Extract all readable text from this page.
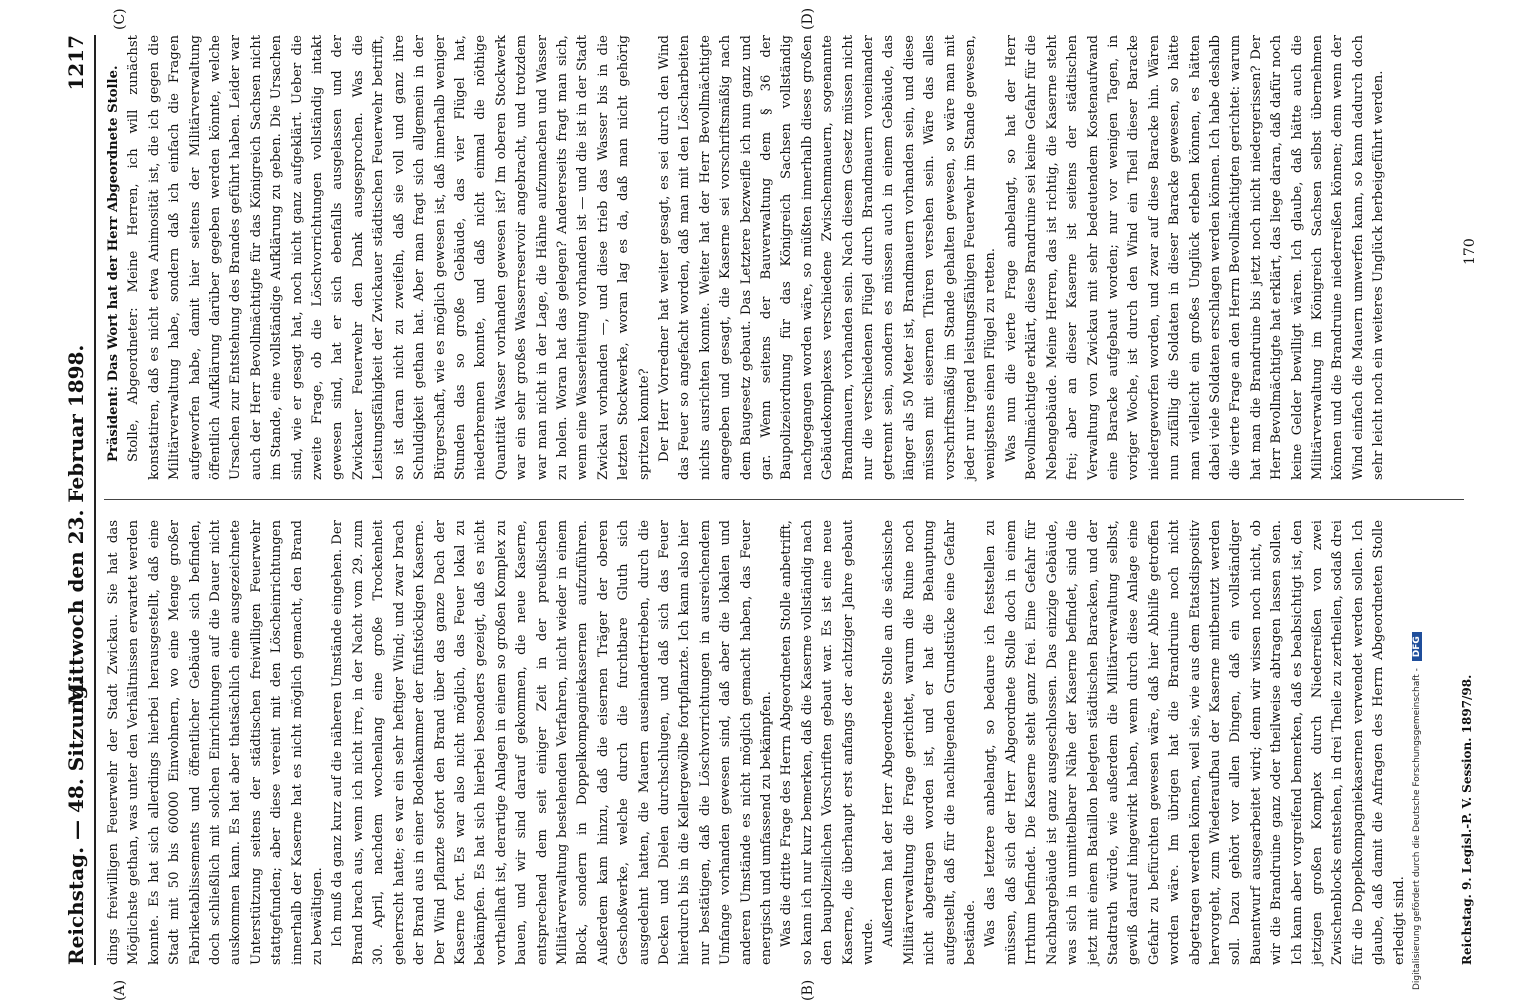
Reichstag. — 48. Sitzung.
Mittwoch den 23. Februar 1898.
1217
(A)	(B)
(C)	(D)

dings freiwilligen Feuerwehr der Stadt Zwickau. Sie hat das Möglichste gethan, was unter den Verhältnissen erwartet werden konnte. Es hat sich allerdings hierbei herausgestellt, daß eine Stadt mit 50 bis 60000 Einwohnern, wo eine Menge großer Fabriketablissements und öffentlicher Gebäude sich befinden, doch schließlich mit solchen Einrichtungen auf die Dauer nicht auskommen kann. Es hat aber thatsächlich eine ausgezeichnete Unterstützung seitens der städtischen freiwilligen Feuerwehr stattgefunden; aber diese vereint mit den Löscheinrichtungen innerhalb der Kaserne hat es nicht möglich gemacht, den Brand zu bewältigen. Ich muß da ganz kurz auf die näheren Umstände eingehen. Der Brand brach aus, wenn ich nicht irre, in der Nacht vom 29. zum 30. April, nachdem wochenlang eine große Trockenheit geherrscht hatte; es war ein sehr heftiger Wind; und zwar brach der Brand aus in einer Bodenkammer der fünfstöckigen Kaserne. Der Wind pflanzte sofort den Brand über das ganze Dach der Kaserne fort. Es war also nicht möglich, das Feuer lokal zu bekämpfen. Es hat sich hierbei besonders gezeigt, daß es nicht vortheilhaft ist, derartige Anlagen in einem so großen Komplex zu bauen, und wir sind darauf gekommen, die neue Kaserne, entsprechend dem seit einiger Zeit in der preußischen Militärverwaltung bestehenden Verfahren, nicht wieder in einem Block, sondern in Doppelkompagniekasernen aufzuführen. Außerdem kam hinzu, daß die eisernen Träger der oberen Geschoßwerke, welche durch die furchtbare Gluth sich ausgedehnt hatten, die Mauern auseinandertrieben, durch die Decken und Dielen durchschlugen, und daß sich das Feuer hierdurch bis in die Kellergewölbe fortpflanzte. Ich kann also hier nur bestätigen, daß die Löschvorrichtungen in ausreichendem Umfange vorhanden gewesen sind, daß aber die lokalen und anderen Umstände es nicht möglich gemacht haben, das Feuer energisch und umfassend zu bekämpfen. Was die dritte Frage des Herrn Abgeordneten Stolle anbetrifft, so kann ich nur kurz bemerken, daß die Kaserne vollständig nach den baupolizeilichen Vorschriften gebaut war. Es ist eine neue Kaserne, die überhaupt erst anfangs der achtziger Jahre gebaut wurde. Außerdem hat der Herr Abgeordnete Stolle an die sächsische Militärverwaltung die Frage gerichtet, warum die Ruine noch nicht abgetragen worden ist, und er hat die Behauptung aufgestellt, daß für die nachliegenden Grundstücke eine Gefahr bestände. Was das letztere anbelangt, so bedaure ich feststellen zu müssen, daß sich der Herr Abgeordnete Stolle doch in einem Irrthum befindet. Die Kaserne steht ganz frei. Eine Gefahr für Nachbargebäude ist ganz ausgeschlossen. Das einzige Gebäude, was sich in unmittelbarer Nähe der Kaserne befindet, sind die jetzt mit einem Bataillon belegten städtischen Baracken, und der Stadtrath würde, wie außerdem die Militärverwaltung selbst, gewiß darauf hingewirkt haben, wenn durch diese Anlage eine Gefahr zu befürchten gewesen wäre, daß hier Abhilfe getroffen worden wäre. Im übrigen hat die Brandruine noch nicht abgetragen werden können, weil sie, wie aus dem Etatsdispositiv hervorgeht, zum Wiederaufbau der Kaserne mitbenutzt werden soll. Dazu gehört vor allen Dingen, daß ein vollständiger Bauentwurf ausgearbeitet wird; denn wir wissen noch nicht, ob wir die Brandruine ganz oder theilweise abtragen lassen sollen. Ich kann aber vorgreifend bemerken, daß es beabsichtigt ist, den jetzigen großen Komplex durch Niederreißen von zwei Zwischenblocks entstehen, in drei Theile zu zertheilen, sodaß drei für die Doppelkompagniekasernen verwendet werden sollen. Ich glaube, daß damit die Anfragen des Herrn Abgeordneten Stolle erledigt sind.

Präsident: Das Wort hat der Herr Abgeordnete Stolle. Stolle, Abgeordneter: Meine Herren, ich will zunächst konstatiren, daß es nicht etwa Animosität ist, die ich gegen die Militärverwaltung habe, sondern daß ich einfach die Fragen aufgeworfen habe, damit hier seitens der Militärverwaltung öffentlich Aufklärung darüber gegeben werden könnte, welche Ursachen zur Entstehung des Brandes geführt haben. Leider war auch der Herr Bevollmächtigte für das Königreich Sachsen nicht im Stande, eine vollständige Aufklärung zu geben. Die Ursachen sind, wie er gesagt hat, noch nicht ganz aufgeklärt. Ueber die zweite Frage, ob die Löschvorrichtungen vollständig intakt gewesen sind, hat er sich ebenfalls ausgelassen und der Zwickauer Feuerwehr den Dank ausgesprochen. Was die Leistungsfähigkeit der Zwickauer städtischen Feuerwehr betrifft, so ist daran nicht zu zweifeln, daß sie voll und ganz ihre Schuldigkeit gethan hat. Aber man fragt sich allgemein in der Bürgerschaft, wie es möglich gewesen ist, daß innerhalb weniger Stunden das so große Gebäude, das vier Flügel hat, niederbrennen konnte, und daß nicht einmal die nöthige Quantität Wasser vorhanden gewesen ist? Im oberen Stockwerk war ein sehr großes Wasserreservoir angebracht, und trotzdem war man nicht in der Lage, die Hähne aufzumachen und Wasser zu holen. Woran hat das gelegen? Andererseits fragt man sich, wenn eine Wasserleitung vorhanden ist — und die ist in der Stadt Zwickau vorhanden —, und diese trieb das Wasser bis in die letzten Stockwerke, woran lag es da, daß man nicht gehörig spritzen konnte? Der Herr Vorredner hat weiter gesagt, es sei durch den Wind das Feuer so angefacht worden, daß man mit den Löscharbeiten nichts ausrichten konnte. Weiter hat der Herr Bevollmächtigte angegeben und gesagt, die Kaserne sei vorschriftsmäßig nach dem Baugesetz gebaut. Das Letztere bezweifle ich nun ganz und gar. Wenn seitens der Bauverwaltung dem § 36 der Baupolizeiordnung für das Königreich Sachsen vollständig nachgegangen worden wäre, so müßten innerhalb dieses großen Gebäudekomplexes verschiedene Zwischenmauern, sogenannte Brandmauern, vorhanden sein. Nach diesem Gesetz müssen nicht nur die verschiedenen Flügel durch Brandmauern voneinander getrennt sein, sondern es müssen auch in einem Gebäude, das länger als 50 Meter ist, Brandmauern vorhanden sein, und diese müssen mit eisernen Thüren versehen sein. Wäre das alles vorschriftsmäßig im Stande gehalten gewesen, so wäre man mit jeder nur irgend leistungsfähigen Feuerwehr im Stande gewesen, wenigstens einen Flügel zu retten. Was nun die vierte Frage anbelangt, so hat der Herr Bevollmächtigte erklärt, diese Brandruine sei keine Gefahr für die Nebengebäude. Meine Herren, das ist richtig, die Kaserne steht frei; aber an dieser Kaserne ist seitens der städtischen Verwaltung von Zwickau mit sehr bedeutendem Kostenaufwand eine Baracke aufgebaut worden; nur vor wenigen Tagen, in voriger Woche, ist durch den Wind ein Theil dieser Baracke niedergeworfen worden, und zwar auf diese Baracke hin. Wären nun zufällig die Soldaten in dieser Baracke gewesen, so hätte man vielleicht ein großes Unglück erleben können, es hätten dabei viele Soldaten erschlagen werden können. Ich habe deshalb die vierte Frage an den Herrn Bevollmächtigten gerichtet: warum hat man die Brandruine bis jetzt noch nicht niedergerissen? Der Herr Bevollmächtigte hat erklärt, das liege daran, daß dafür noch keine Gelder bewilligt wären. Ich glaube, daß hätte auch die Militärverwaltung im Königreich Sachsen selbst übernehmen können und die Brandruine niederreißen können; denn wenn der Wind einfach die Mauern umwerfen kann, so kann dadurch doch sehr leicht noch ein weiteres Unglück herbeigeführt werden.

Reichstag. 9. Legisl.-P. V. Session. 1897/98.
170
Digitalisierung gefördert durch die Deutsche Forschungsgemeinschaft - DFG
